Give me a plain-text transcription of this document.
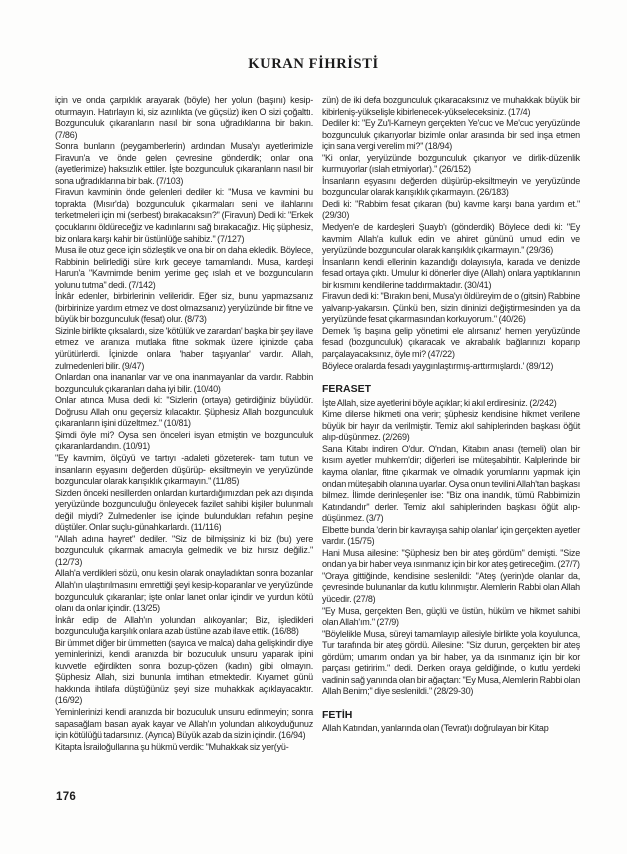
KURAN FİHRİSTİ
için ve onda çarpıklık arayarak (böyle) her yolun (başını) kesip-oturmayın. Hatırlayın ki, siz azınlıkta (ve güçsüz) iken O sizi çoğalttı. Bozgunculuk çıkaranların nasıl bir sona uğradıklarına bir bakın. (7/86)
Sonra bunların (peygamberlerin) ardından Musa'yı ayetlerimizle Firavun'a ve önde gelen çevresine gönderdik; onlar ona (ayetlerimize) haksızlık ettiler. İşte bozgunculuk çıkaranların nasıl bir sona uğradıklarına bir bak. (7/103)
Firavun kavminin önde gelenleri dediler ki: "Musa ve kavmini bu toprakta (Mısır'da) bozgunculuk çıkarmaları seni ve ilahlarını terketmeleri için mi (serbest) bırakacaksın?" (Firavun) Dedi ki: "Erkek çocuklarını öldüreceğiz ve kadınlarını sağ bırakacağız. Hiç şüphesiz, biz onlara karşı kahir bir üstünlüğe sahibiz." (7/127)
Musa ile otuz gece için sözleştik ve ona bir on daha ekledik. Böylece, Rabbinin belirlediği süre kırk geceye tamamlandı. Musa, kardeşi Harun'a "Kavmimde benim yerime geç ıslah et ve bozguncuların yolunu tutma" dedi. (7/142)
İnkâr edenler, birbirlerinin velileridir. Eğer siz, bunu yapmazsanız (birbirinize yardım etmez ve dost olmazsanız) yeryüzünde bir fitne ve büyük bir bozgunculuk (fesat) olur. (8/73)
Sizinle birlikte çıksalardı, size 'kötülük ve zarardan' başka bir şey ilave etmez ve aranıza mutlaka fitne sokmak üzere içinizde çaba yürütürlerdi. İçinizde onlara 'haber taşıyanlar' vardır. Allah, zulmedenleri bilir. (9/47)
Onlardan ona inananlar var ve ona inanmayanlar da vardır. Rabbin bozgunculuk çıkaranları daha iyi bilir. (10/40)
Onlar atınca Musa dedi ki: "Sizlerin (ortaya) getirdiğiniz büyüdür. Doğrusu Allah onu geçersiz kılacaktır. Şüphesiz Allah bozgunculuk çıkaranların işini düzeltmez." (10/81)
Şimdi öyle mi? Oysa sen önceleri isyan etmiştin ve bozgunculuk çıkaranlardandın. (10/91)
"Ey kavmim, ölçüyü ve tartıyı -adaleti gözeterek- tam tutun ve insanların eşyasını değerden düşürüp- eksiltmeyin ve yeryüzünde bozguncular olarak karışıklık çıkarmayın." (11/85)
Sizden önceki nesillerden onlardan kurtardığımızdan pek azı dışında yeryüzünde bozgunculuğu önleyecek fazilet sahibi kişiler bulunmalı değil miydi? Zulmedenler ise içinde bulundukları refahın peşine düştüler. Onlar suçlu-günahkarlardı. (11/116)
"Allah adına hayret" dediler. "Siz de bilmişsiniz ki biz (bu) yere bozgunculuk çıkarmak amacıyla gelmedik ve biz hırsız değiliz." (12/73)
Allah'a verdikleri sözü, onu kesin olarak onayladıktan sonra bozanlar Allah'ın ulaştırılmasını emrettiği şeyi kesip-koparanlar ve yeryüzünde bozgunculuk çıkaranlar; işte onlar lanet onlar içindir ve yurdun kötü olanı da onlar içindir. (13/25)
İnkâr edip de Allah'ın yolundan alıkoyanlar; Biz, işledikleri bozgunculuğa karşılık onlara azab üstüne azab ilave ettik. (16/88)
Bir ümmet diğer bir ümmetten (sayıca ve malca) daha gelişkindir diye yeminlerinizi, kendi aranızda bir bozuculuk unsuru yaparak ipini kuvvetle eğirdikten sonra bozup-çözen (kadın) gibi olmayın. Şüphesiz Allah, sizi bununla imtihan etmektedir. Kıyamet günü hakkında ihtilafa düştüğünüz şeyi size muhakkak açıklayacaktır. (16/92)
Yeminlerinizi kendi aranızda bir bozuculuk unsuru edinmeyin; sonra sapasağlam basan ayak kayar ve Allah'ın yolundan alıkoyduğunuz için kötülüğü tadarsınız. (Ayrıca) Büyük azab da sizin içindir. (16/94)
Kitapta İsrailoğullarına şu hükmü verdik: "Muhakkak siz yer(yü-
zün) de iki defa bozgunculuk çıkaracaksınız ve muhakkak büyük bir kibirleniş-yükselişle kibirlenecek-yükseleceksiniz. (17/4)
Dediler ki: "Ey Zu'l-Karneyn gerçekten Ye'cuc ve Me'cuc yeryüzünde bozgunculuk çıkarıyorlar bizimle onlar arasında bir sed inşa etmen için sana vergi verelim mi?" (18/94)
"Ki onlar, yeryüzünde bozgunculuk çıkarıyor ve dirlik-düzenlik kurmuyorlar (ıslah etmiyorlar)." (26/152)
İnsanların eşyasını değerden düşürüp-eksiltmeyin ve yeryüzünde bozguncular olarak karışıklık çıkarmayın. (26/183)
Dedi ki: "Rabbim fesat çıkaran (bu) kavme karşı bana yardım et." (29/30)
Medyen'e de kardeşleri Şuayb'ı (gönderdik) Böylece dedi ki: "Ey kavmim Allah'a kulluk edin ve ahiret gününü umud edin ve yeryüzünde bozguncular olarak karışıklık çıkarmayın." (29/36)
İnsanların kendi ellerinin kazandığı dolayısıyla, karada ve denizde fesad ortaya çıktı. Umulur ki dönerler diye (Allah) onlara yaptıklarının bir kısmını kendilerine taddırmaktadır. (30/41)
Firavun dedi ki: "Bırakın beni, Musa'yı öldüreyim de o (gitsin) Rabbine yalvarıp-yakarsın. Çünkü ben, sizin dininizi değiştirmesinden ya da yeryüzünde fesat çıkarmasından korkuyorum." (40/26)
Demek 'iş başına gelip yönetimi ele alırsanız' hemen yeryüzünde fesad (bozgunculuk) çıkaracak ve akrabalık bağlarınızı koparıp parçalayacaksınız, öyle mi? (47/22)
Böylece oralarda fesadı yaygınlaştırmış-arttırmışlardı.' (89/12)
FERASET
İşte Allah, size ayetlerini böyle açıklar; ki akıl erdiresiniz. (2/242)
Kime dilerse hikmeti ona verir; şüphesiz kendisine hikmet verilene büyük bir hayır da verilmiştir. Temiz akıl sahiplerinden başkası öğüt alıp-düşünmez. (2/269)
Sana Kitabı indiren O'dur. O'ndan, Kitabın anası (temeli) olan bir kısım ayetler muhkem'dir; diğerleri ise müteşabihtir. Kalplerinde bir kayma olanlar, fitne çıkarmak ve olmadık yorumlarını yapmak için ondan müteşabih olanına uyarlar. Oysa onun tevilini Allah'tan başkası bilmez. İlimde derinleşenler ise: "Biz ona inandık, tümü Rabbimizin Katındandır" derler. Temiz akıl sahiplerinden başkası öğüt alıp-düşünmez. (3/7)
Elbette bunda 'derin bir kavrayışa sahip olanlar' için gerçekten ayetler vardır. (15/75)
Hani Musa ailesine: "Şüphesiz ben bir ateş gördüm" demişti. "Size ondan ya bir haber veya ısınmanız için bir kor ateş getireceğim. (27/7)
"Oraya gittiğinde, kendisine seslenildi: "Ateş (yerin)de olanlar da, çevresinde bulunanlar da kutlu kılınmıştır. Alemlerin Rabbi olan Allah yücedir. (27/8)
"Ey Musa, gerçekten Ben, güçlü ve üstün, hüküm ve hikmet sahibi olan Allah'ım." (27/9)
"Böylelikle Musa, süreyi tamamlayıp ailesiyle birlikte yola koyulunca, Tur tarafında bir ateş gördü. Ailesine: "Siz durun, gerçekten bir ateş gördüm; umarım ondan ya bir haber, ya da ısınmanız için bir kor parçası getiririm." dedi. Derken oraya geldiğinde, o kutlu yerdeki vadinin sağ yanında olan bir ağaçtan: "Ey Musa, Alemlerin Rabbi olan Allah Benim;" diye seslenildi." (28/29-30)
FETİH
Allah Katından, yanlarında olan (Tevrat)ı doğrulayan bir Kitap
176
